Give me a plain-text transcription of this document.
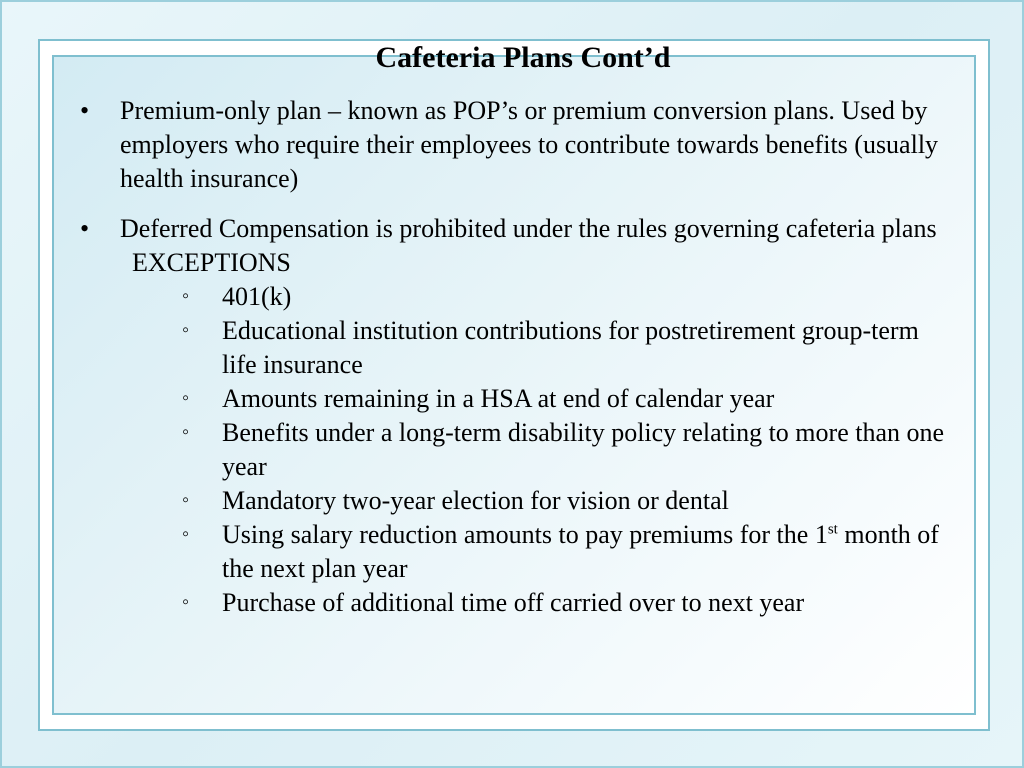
Cafeteria Plans Cont’d
• Premium-only plan – known as POP’s or premium conversion plans. Used by employers who require their employees to contribute towards benefits (usually health insurance)
• Deferred Compensation is prohibited under the rules governing cafeteria plans
EXCEPTIONS
◦ 401(k)
◦ Educational institution contributions for postretirement group-term life insurance
◦ Amounts remaining in a HSA at end of calendar year
◦ Benefits under a long-term disability policy relating to more than one year
◦ Mandatory two-year election for vision or dental
◦ Using salary reduction amounts to pay premiums for the 1st month of the next plan year
◦ Purchase of additional time off carried over to next year
